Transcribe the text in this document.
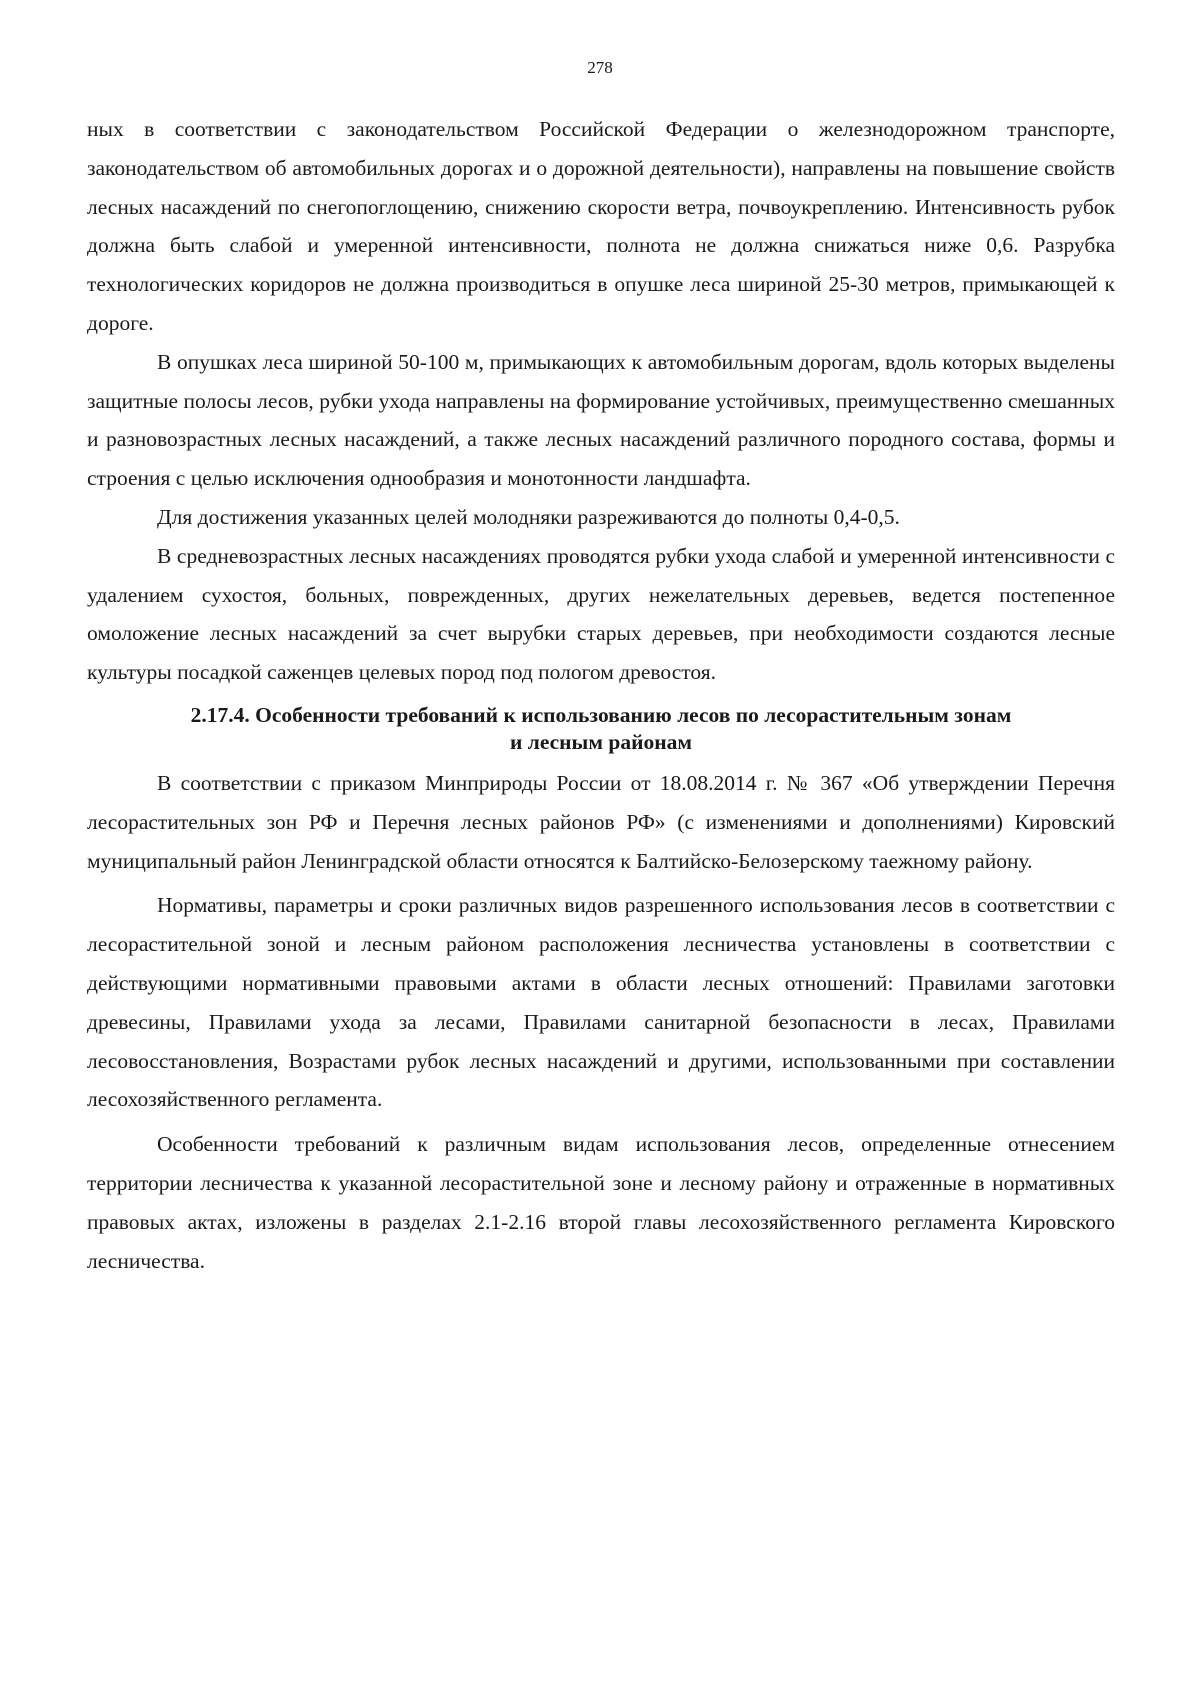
278

ных в соответствии с законодательством Российской Федерации о железнодорожном транспорте, законодательством об автомобильных дорогах и о дорожной деятельности), направлены на повышение свойств лесных насаждений по снегопоглощению, снижению скорости ветра, почвоукреплению. Интенсивность рубок должна быть слабой и умеренной интенсивности, полнота не должна снижаться ниже 0,6. Разрубка технологических коридоров не должна производиться в опушке леса шириной 25-30 метров, примыкающей к дороге.

В опушках леса шириной 50-100 м, примыкающих к автомобильным дорогам, вдоль которых выделены защитные полосы лесов, рубки ухода направлены на формирование устойчивых, преимущественно смешанных и разновозрастных лесных насаждений, а также лесных насаждений различного породного состава, формы и строения с целью исключения однообразия и монотонности ландшафта.

Для достижения указанных целей молодняки разреживаются до полноты 0,4-0,5.

В средневозрастных лесных насаждениях проводятся рубки ухода слабой и умеренной интенсивности с удалением сухостоя, больных, поврежденных, других нежелательных деревьев, ведется постепенное омоложение лесных насаждений за счет вырубки старых деревьев, при необходимости создаются лесные культуры посадкой саженцев целевых пород под пологом древостоя.

2.17.4. Особенности требований к использованию лесов по лесорастительным зонам
и лесным районам

В соответствии с приказом Минприроды России от 18.08.2014 г. № 367 «Об утверждении Перечня лесорастительных зон РФ и Перечня лесных районов РФ» (с изменениями и дополнениями) Кировский муниципальный район Ленинградской области относятся к Балтийско-Белозерскому таежному району.

Нормативы, параметры и сроки различных видов разрешенного использования лесов в соответствии с лесорастительной зоной и лесным районом расположения лесничества установлены в соответствии с действующими нормативными правовыми актами в области лесных отношений: Правилами заготовки древесины, Правилами ухода за лесами, Правилами санитарной безопасности в лесах, Правилами лесовосстановления, Возрастами рубок лесных насаждений и другими, использованными при составлении лесохозяйственного регламента.

Особенности требований к различным видам использования лесов, определенные отнесением территории лесничества к указанной лесорастительной зоне и лесному району и отраженные в нормативных правовых актах, изложены в разделах 2.1-2.16 второй главы лесохозяйственного регламента Кировского лесничества.
